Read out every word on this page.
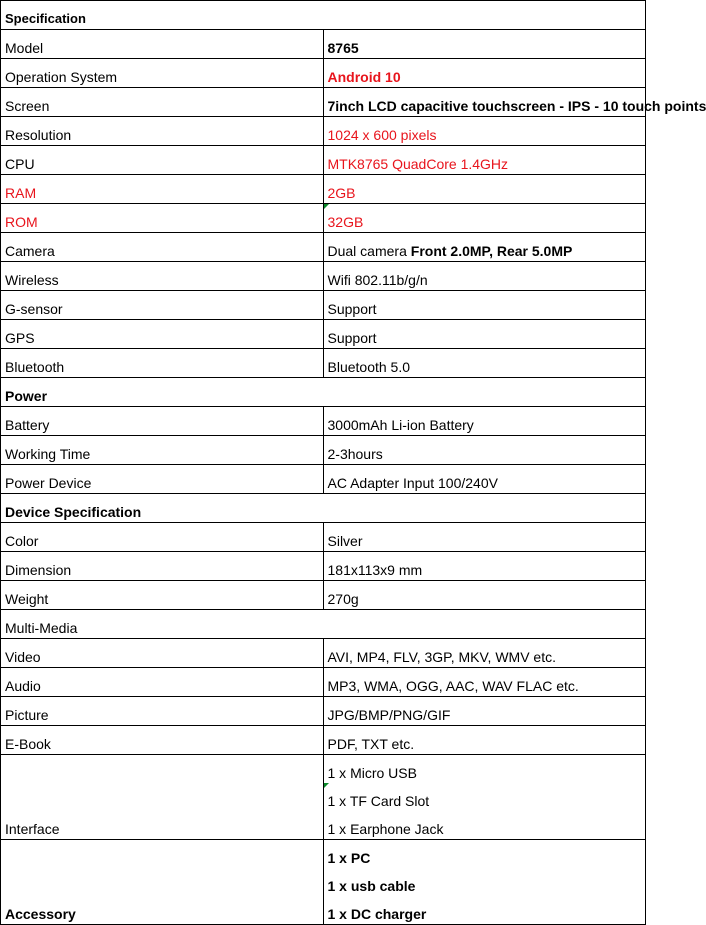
Specification	
Model	8765
Operation System	Android 10
Screen	7inch LCD capacitive touchscreen - IPS - 10 touch points
Resolution	1024 x 600 pixels
CPU	MTK8765 QuadCore 1.4GHz
RAM	2GB
ROM	32GB
Camera	Dual camera Front 2.0MP, Rear 5.0MP
Wireless	Wifi 802.11b/g/n
G-sensor	Support
GPS	Support
Bluetooth	Bluetooth 5.0
Power	
Battery	3000mAh Li-ion Battery
Working Time	2-3hours
Power Device	AC Adapter Input 100/240V
Device Specification	
Color	Silver
Dimension	181x113x9 mm
Weight	270g
Multi-Media	
Video	AVI, MP4, FLV, 3GP, MKV, WMV etc.
Audio	MP3, WMA, OGG, AAC, WAV FLAC etc.
Picture	JPG/BMP/PNG/GIF
E-Book	PDF, TXT etc.
Interface	1 x Micro USB
	1 x TF Card Slot
	1 x Earphone Jack
Accessory	1 x PC
	1 x usb cable
	1 x DC charger
